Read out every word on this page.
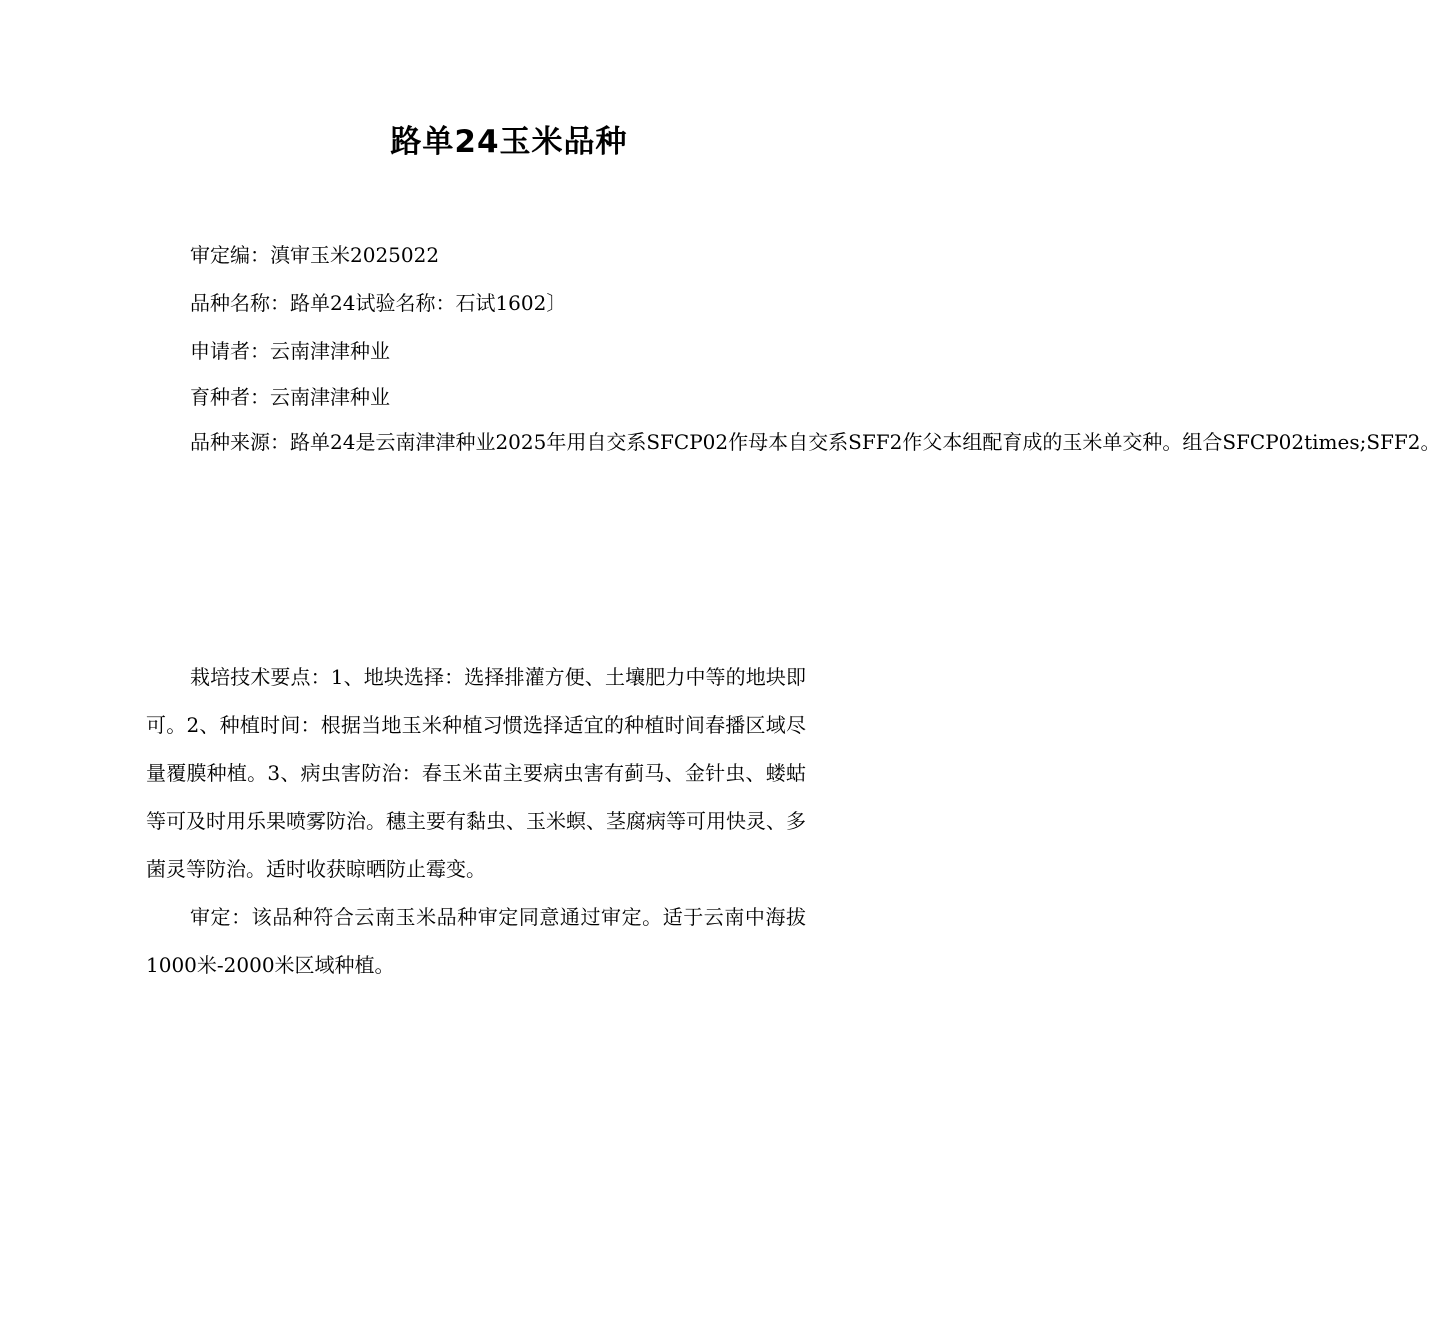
路单24玉米品种

审定编：滇审玉米2025022

品种名称：路单24试验名称：石试1602〕

申请者：云南津津种业

育种者：云南津津种业

品种来源：路单24是云南津津种业2025年用自交系SFCP02作母本自交系SFF2作父本组配育成的玉米单交种。组合SFCP02times;SFF2。

栽培技术要点：1、地块选择：选择排灌方便、土壤肥力中等的地块即可。2、种植时间：根据当地玉米种植习惯选择适宜的种植时间春播区域尽量覆膜种植。3、病虫害防治：春玉米苗主要病虫害有蓟马、金针虫、蝼蛄等可及时用乐果喷雾防治。穗主要有黏虫、玉米螟、茎腐病等可用快灵、多菌灵等防治。适时收获晾晒防止霉变。

审定：该品种符合云南玉米品种审定同意通过审定。适于云南中海拔1000米-2000米区域种植。
